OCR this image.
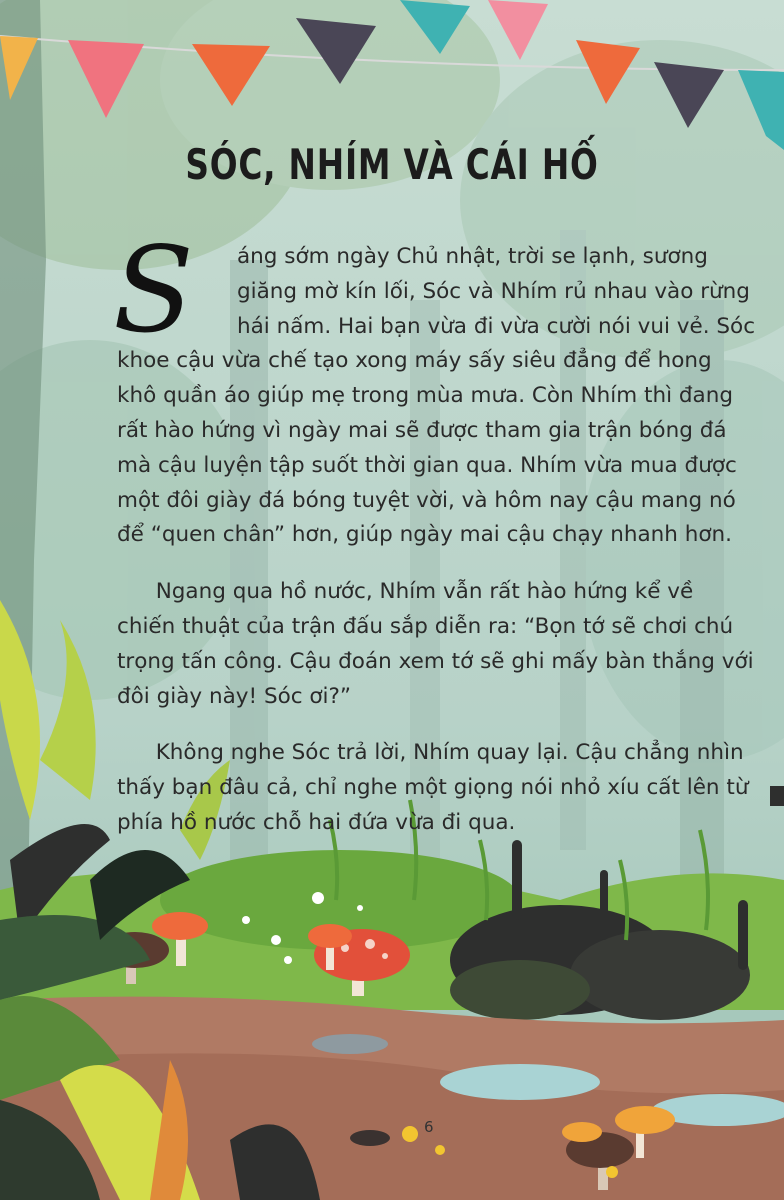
SÓC, NHÍM VÀ CÁI HỐ

S	áng sớm ngày Chủ nhật, trời se lạnh, sương giăng mờ kín lối, Sóc và Nhím rủ nhau vào rừng hái nấm. Hai bạn vừa đi vừa cười nói vui vẻ. Sóc khoe cậu vừa chế tạo xong máy sấy siêu đẳng để hong khô quần áo giúp mẹ trong mùa mưa. Còn Nhím thì đang rất hào hứng vì ngày mai sẽ được tham gia trận bóng đá mà cậu luyện tập suốt thời gian qua. Nhím vừa mua được một đôi giày đá bóng tuyệt vời, và hôm nay cậu mang nó để “quen chân” hơn, giúp ngày mai cậu chạy nhanh hơn.

Ngang qua hồ nước, Nhím vẫn rất hào hứng kể về chiến thuật của trận đấu sắp diễn ra: “Bọn tớ sẽ chơi chú trọng tấn công. Cậu đoán xem tớ sẽ ghi mấy bàn thắng với đôi giày này! Sóc ơi?”

Không nghe Sóc trả lời, Nhím quay lại. Cậu chẳng nhìn thấy bạn đâu cả, chỉ nghe một giọng nói nhỏ xíu cất lên từ phía hồ nước chỗ hai đứa vừa đi qua.

6
